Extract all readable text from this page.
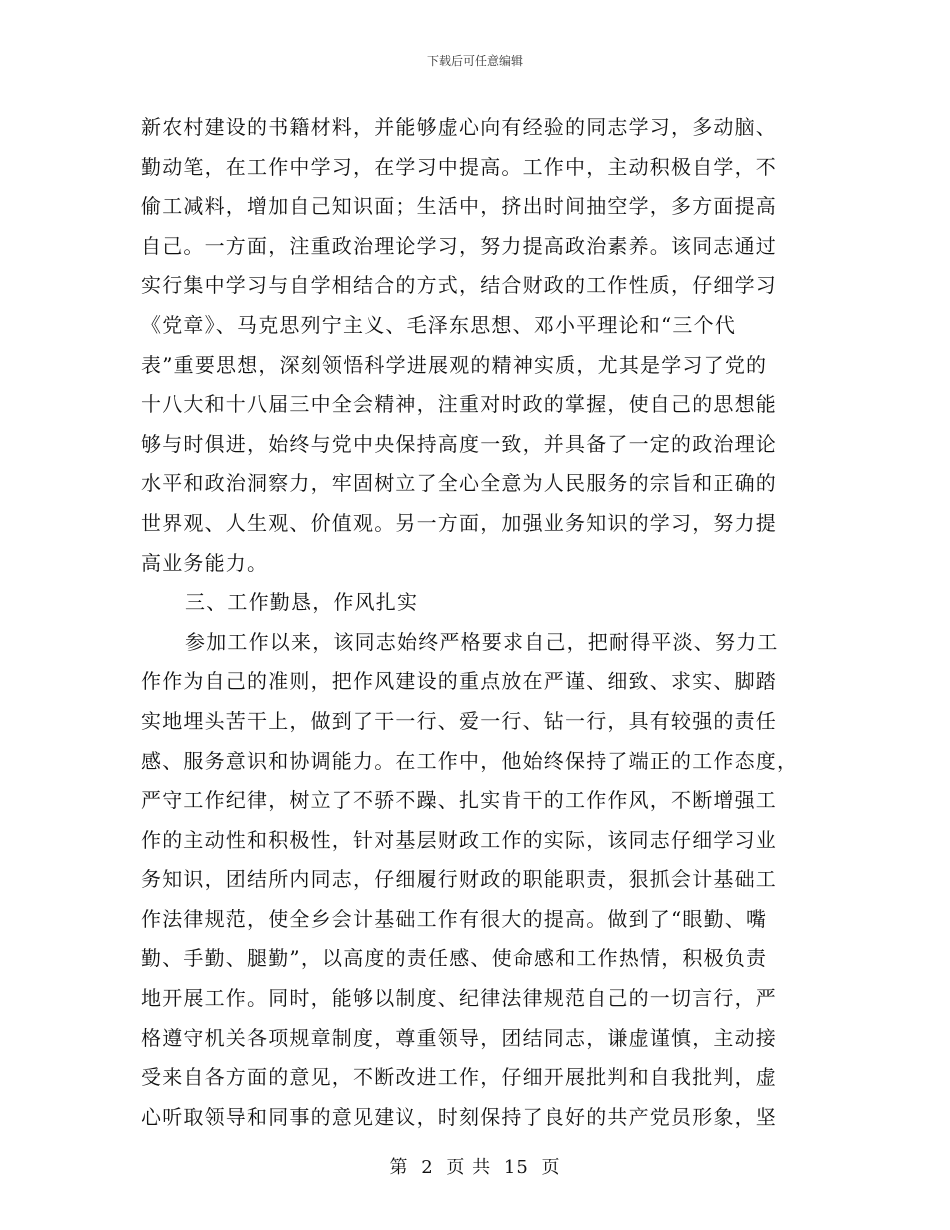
下载后可任意编辑
新农村建设的书籍材料，并能够虚心向有经验的同志学习，多动脑、
勤动笔，在工作中学习，在学习中提高。工作中，主动积极自学，不
偷工减料，增加自己知识面；生活中，挤出时间抽空学，多方面提高
自己。一方面，注重政治理论学习，努力提高政治素养。该同志通过
实行集中学习与自学相结合的方式，结合财政的工作性质，仔细学习
《党章》、马克思列宁主义、毛泽东思想、邓小平理论和“三个代
表”重要思想，深刻领悟科学进展观的精神实质，尤其是学习了党的
十八大和十八届三中全会精神，注重对时政的掌握，使自己的思想能
够与时俱进，始终与党中央保持高度一致，并具备了一定的政治理论
水平和政治洞察力，牢固树立了全心全意为人民服务的宗旨和正确的
世界观、人生观、价值观。另一方面，加强业务知识的学习，努力提
高业务能力。
三、工作勤恳，作风扎实
参加工作以来，该同志始终严格要求自己，把耐得平淡、努力工
作作为自己的准则，把作风建设的重点放在严谨、细致、求实、脚踏
实地埋头苦干上，做到了干一行、爱一行、钻一行，具有较强的责任
感、服务意识和协调能力。在工作中，他始终保持了端正的工作态度，
严守工作纪律，树立了不骄不躁、扎实肯干的工作作风，不断增强工
作的主动性和积极性，针对基层财政工作的实际，该同志仔细学习业
务知识，团结所内同志，仔细履行财政的职能职责，狠抓会计基础工
作法律规范，使全乡会计基础工作有很大的提高。做到了“眼勤、嘴
勤、手勤、腿勤”，以高度的责任感、使命感和工作热情，积极负责
地开展工作。同时，能够以制度、纪律法律规范自己的一切言行，严
格遵守机关各项规章制度，尊重领导，团结同志，谦虚谨慎，主动接
受来自各方面的意见，不断改进工作，仔细开展批判和自我批判，虚
心听取领导和同事的意见建议，时刻保持了良好的共产党员形象，坚
第 2 页 共 15 页
